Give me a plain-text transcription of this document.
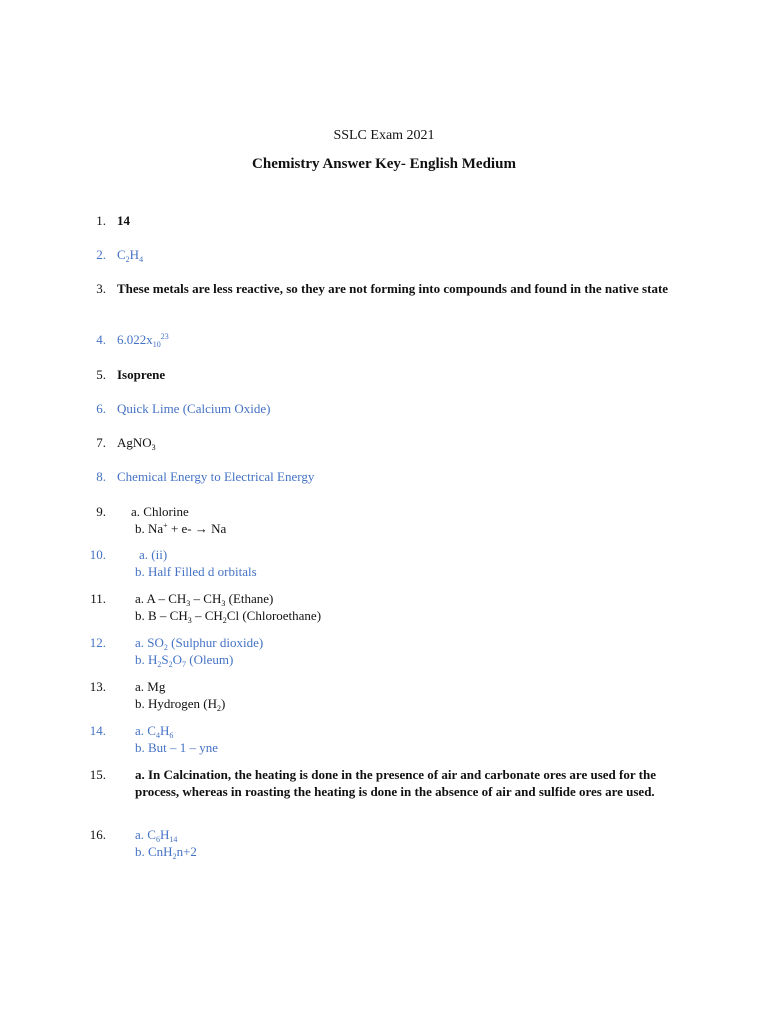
SSLC Exam 2021
Chemistry Answer Key- English Medium
1. 14
2. $C_2H_4$
3. These metals are less reactive, so they are not forming into compounds and found in the native state
4. $6.022x_{10}^{23}$
5. Isoprene
6. Quick Lime (Calcium Oxide)
7. AgNO$_3$
8. Chemical Energy to Electrical Energy
9. a. Chlorine
b. Na+ + e- → Na
10.	a. (ii)
b. Half Filled d orbitals
11. a. A – $CH_3 - CH_3$ (Ethane)
b. B – $CH_3 - CH_2Cl$ (Chloroethane)
12. a. $SO_2$ (Sulphur dioxide)
b. $H_2S_2O_7$ (Oleum)
13. a. Mg
b. Hydrogen $(H_2)$
14. a. $C_4H_6$
b. But – 1 – yne
15. a. In Calcination, the heating is done in the presence of air and carbonate ores are used for the process, whereas in roasting the heating is done in the absence of air and sulfide ores are used.
16. a. $C_6H_{14}$
b. CnH$_2$n+2
